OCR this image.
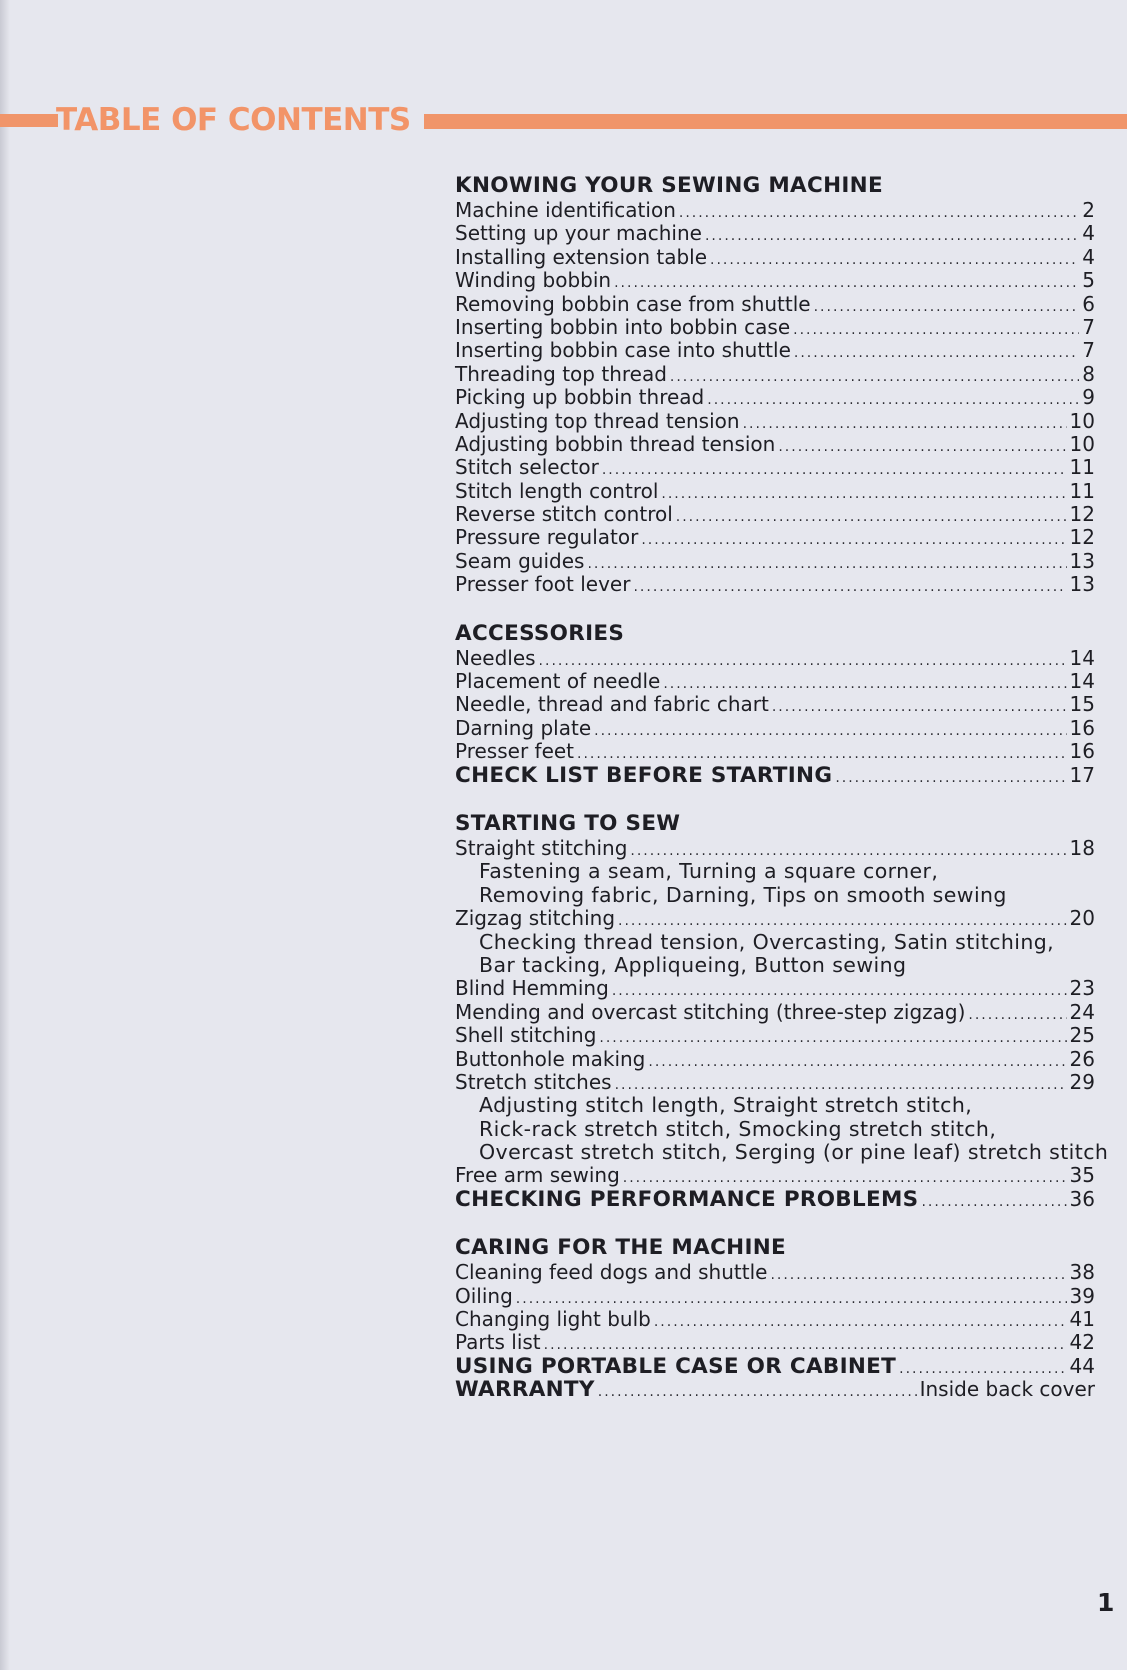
TABLE OF CONTENTS
KNOWING YOUR SEWING MACHINE
Machine identification .....	2
Setting up your machine .....	4
Installing extension table .....	4
Winding bobbin .....	5
Removing bobbin case from shuttle .....	6
Inserting bobbin into bobbin case .....	7
Inserting bobbin case into shuttle .....	7
Threading top thread .....	8
Picking up bobbin thread .....	9
Adjusting top thread tension .....	10
Adjusting bobbin thread tension .....	10
Stitch selector .....	11
Stitch length control .....	11
Reverse stitch control .....	12
Pressure regulator .....	12
Seam guides .....	13
Presser foot lever .....	13
ACCESSORIES
Needles .....	14
Placement of needle .....	14
Needle, thread and fabric chart .....	15
Darning plate .....	16
Presser feet .....	16
CHECK LIST BEFORE STARTING .....	17
STARTING TO SEW
Straight stitching .....	18
Fastening a seam, Turning a square corner,
Removing fabric, Darning, Tips on smooth sewing
Zigzag stitching .....	20
Checking thread tension, Overcasting, Satin stitching,
Bar tacking, Appliqueing, Button sewing
Blind Hemming .....	23
Mending and overcast stitching (three-step zigzag) .....	24
Shell stitching .....	25
Buttonhole making .....	26
Stretch stitches .....	29
Adjusting stitch length, Straight stretch stitch,
Rick-rack stretch stitch, Smocking stretch stitch,
Overcast stretch stitch, Serging (or pine leaf) stretch stitch
Free arm sewing .....	35
CHECKING PERFORMANCE PROBLEMS .....	36
CARING FOR THE MACHINE
Cleaning feed dogs and shuttle .....	38
Oiling .....	39
Changing light bulb .....	41
Parts list .....	42
USING PORTABLE CASE OR CABINET .....	44
WARRANTY .....	Inside back cover
1
